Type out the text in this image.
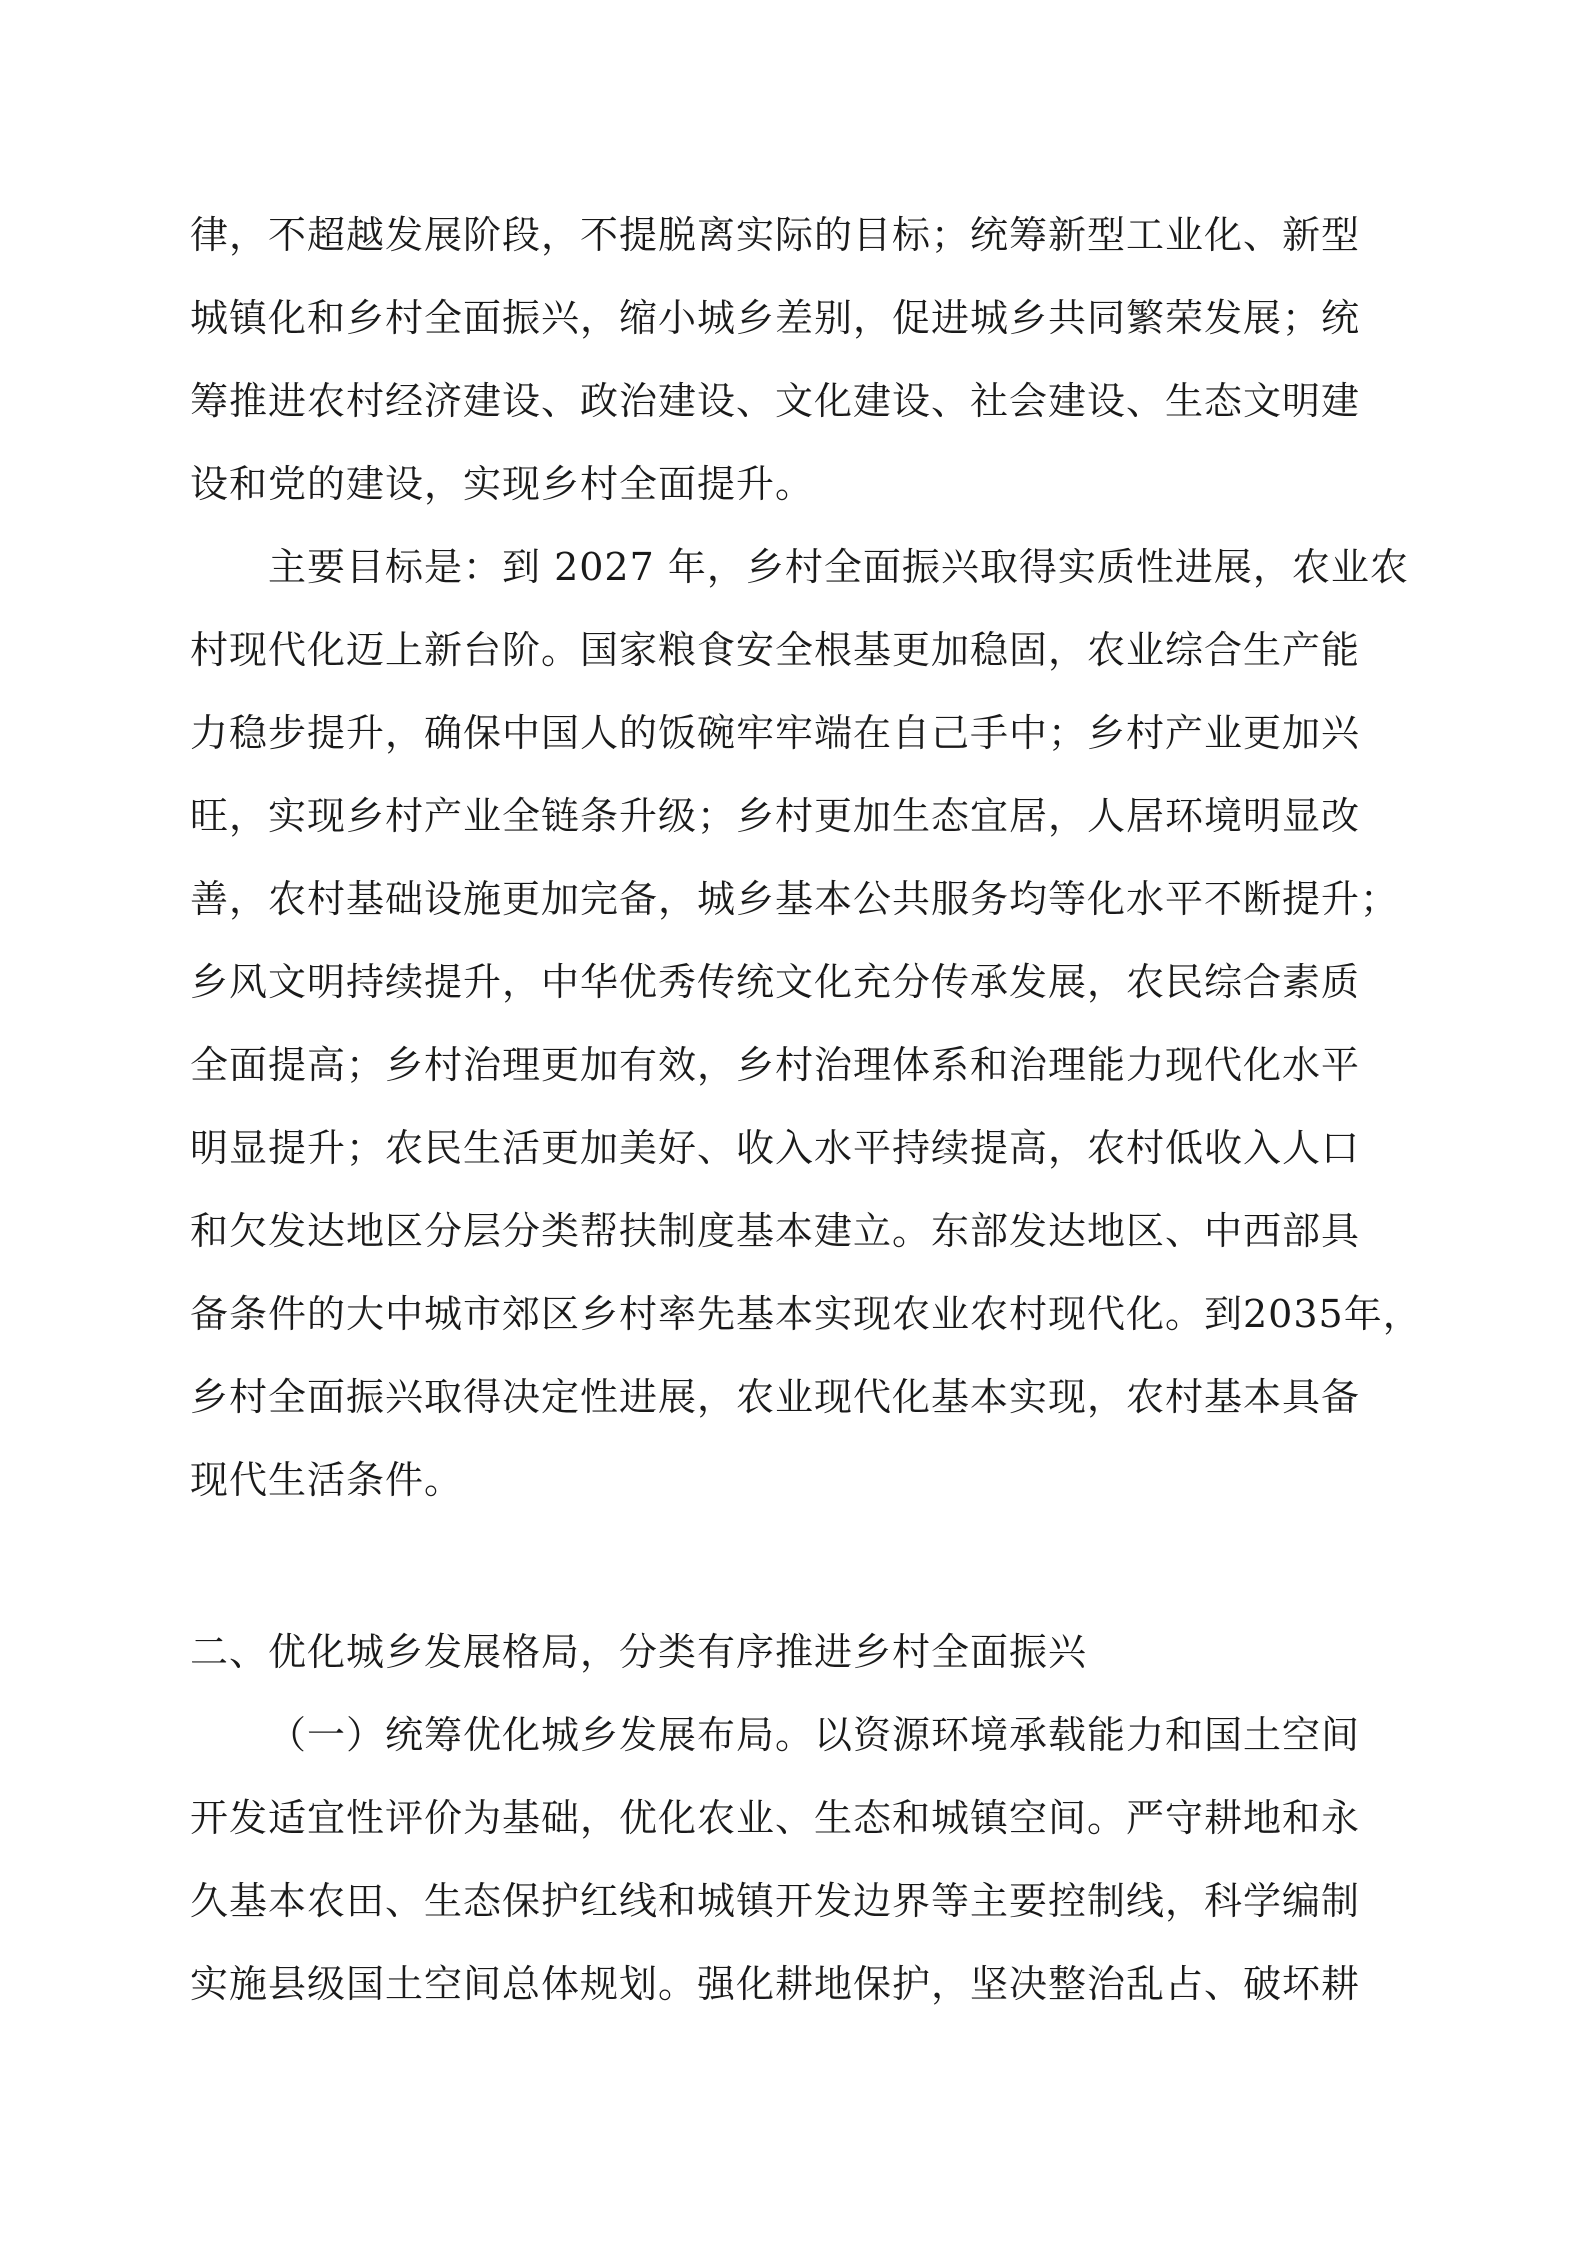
律，不超越发展阶段，不提脱离实际的目标；统筹新型工业化、新型
城镇化和乡村全面振兴，缩小城乡差别，促进城乡共同繁荣发展；统
筹推进农村经济建设、政治建设、文化建设、社会建设、生态文明建
设和党的建设，实现乡村全面提升。
主要目标是：到 2027 年，乡村全面振兴取得实质性进展，农业农
村现代化迈上新台阶。国家粮食安全根基更加稳固，农业综合生产能
力稳步提升，确保中国人的饭碗牢牢端在自己手中；乡村产业更加兴
旺，实现乡村产业全链条升级；乡村更加生态宜居，人居环境明显改
善，农村基础设施更加完备，城乡基本公共服务均等化水平不断提升；
乡风文明持续提升，中华优秀传统文化充分传承发展，农民综合素质
全面提高；乡村治理更加有效，乡村治理体系和治理能力现代化水平
明显提升；农民生活更加美好、收入水平持续提高，农村低收入人口
和欠发达地区分层分类帮扶制度基本建立。东部发达地区、中西部具
备条件的大中城市郊区乡村率先基本实现农业农村现代化。到2035年，
乡村全面振兴取得决定性进展，农业现代化基本实现，农村基本具备
现代生活条件。
二、优化城乡发展格局，分类有序推进乡村全面振兴
（一）统筹优化城乡发展布局。以资源环境承载能力和国土空间
开发适宜性评价为基础，优化农业、生态和城镇空间。严守耕地和永
久基本农田、生态保护红线和城镇开发边界等主要控制线，科学编制
实施县级国土空间总体规划。强化耕地保护，坚决整治乱占、破坏耕
